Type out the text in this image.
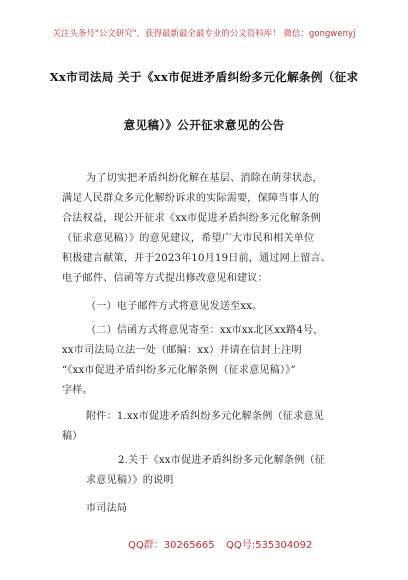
关注头条号"公文研究"，获得最新最全最专业的公文资料库！ 微信：gongwenyj
Xx市司法局 关于《xx市促进矛盾纠纷多元化解条例（征求
意见稿）》公开征求意见的公告
为了切实把矛盾纠纷化解在基层、消除在萌芽状态，
满足人民群众多元化解纷诉求的实际需要，保障当事人的
合法权益，现公开征求《xx市促进矛盾纠纷多元化解条例
（征求意见稿）》的意见建议，希望广大市民和相关单位
积极建言献策，并于2023年10月19日前，通过网上留言、
电子邮件、信函等方式提出修改意见和建议：
（一）电子邮件方式将意见发送至xx。
（二）信函方式将意见寄至：xx市xx北区xx路4号，
xx市司法局立法一处（邮编：xx）并请在信封上注明
“《xx市促进矛盾纠纷多元化解条例（征求意见稿）》”
字样。
附件：1.xx市促进矛盾纠纷多元化解条例（征求意见
稿）
2.关于《xx市促进矛盾纠纷多元化解条例（征
求意见稿）》的说明
市司法局
QQ群：30265665 QQ号:535304092
